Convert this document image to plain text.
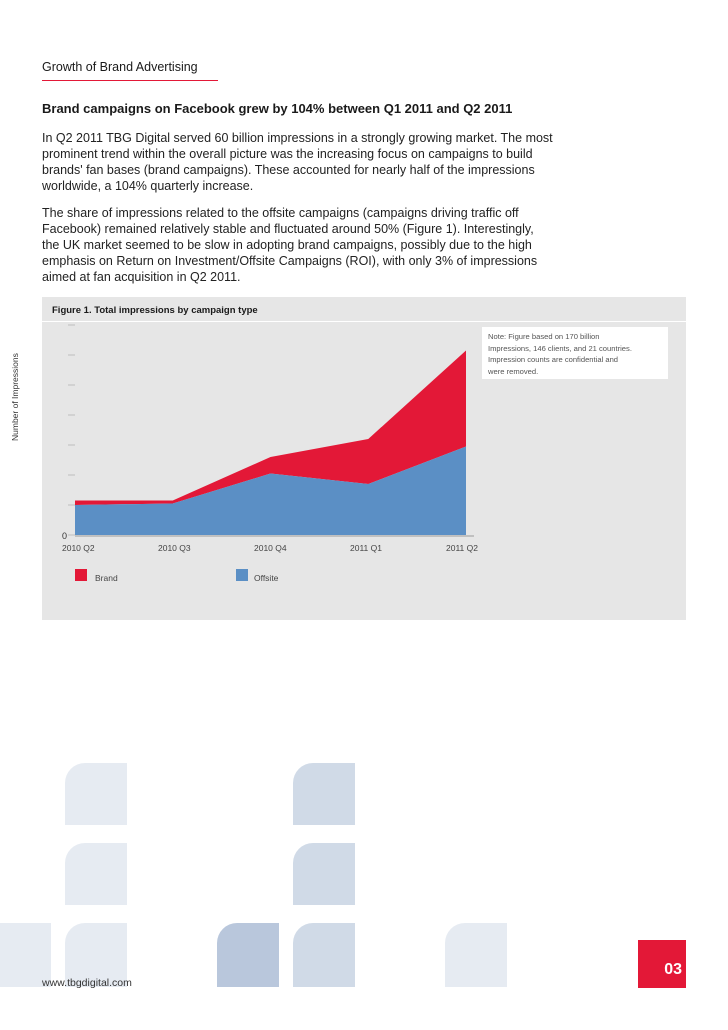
Growth of Brand Advertising
Brand campaigns on Facebook grew by 104% between Q1 2011 and Q2 2011

In Q2 2011 TBG Digital served 60 billion impressions in a strongly growing market. The most
prominent trend within the overall picture was the increasing focus on campaigns to build
brands' fan bases (brand campaigns). These accounted for nearly half of the impressions
worldwide, a 104% quarterly increase.

The share of impressions related to the offsite campaigns (campaigns driving traffic off
Facebook) remained relatively stable and fluctuated around 50% (Figure 1). Interestingly,
the UK market seemed to be slow in adopting brand campaigns, possibly due to the high
emphasis on Return on Investment/Offsite Campaigns (ROI), with only 3% of impressions
aimed at fan acquisition in Q2 2011.

Figure 1. Total impressions by campaign type
Note: Figure based on 170 billion
Impressions, 146 clients, and 21 countries.
Impression counts are confidential and
were removed.
Number of Impressions
0
2010 Q2	2010 Q3	2010 Q4	2011 Q1	2011 Q2
Brand	Offsite
www.tbgdigital.com
03
